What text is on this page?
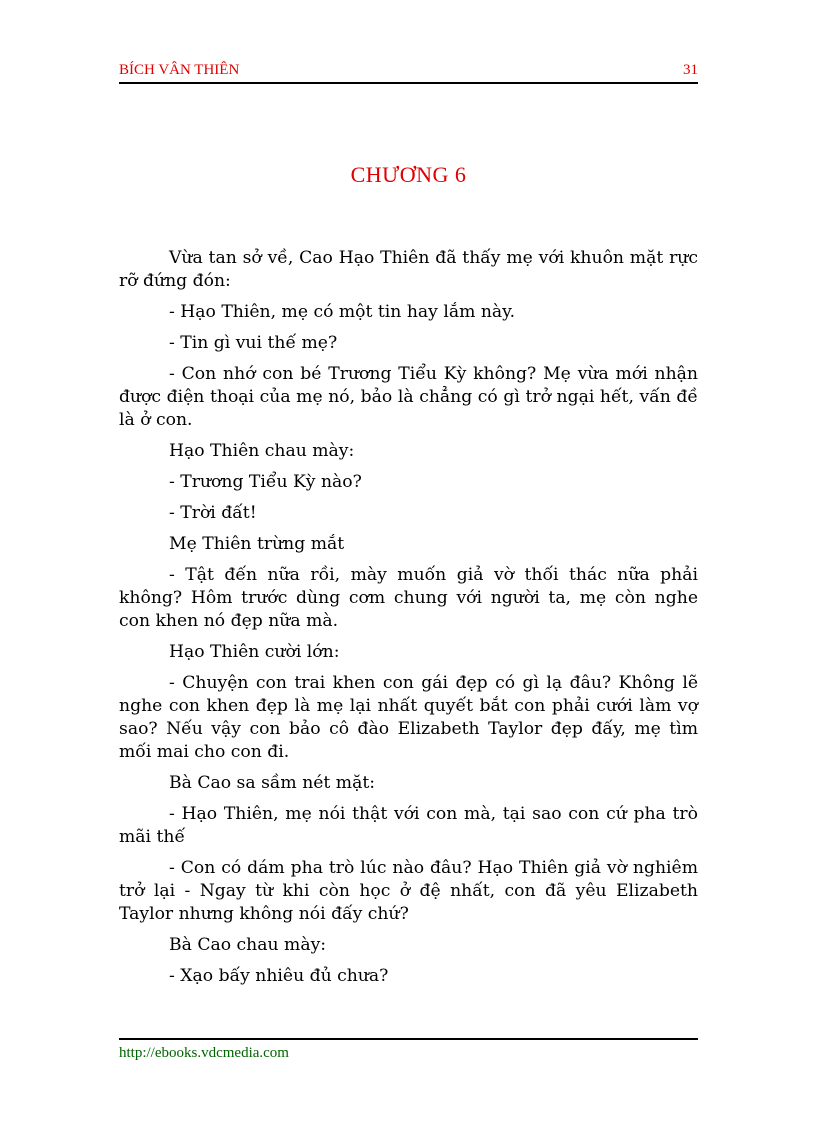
BÍCH VÂN THIÊN	31
CHƯƠNG 6

Vừa tan sở về, Cao Hạo Thiên đã thấy mẹ với khuôn mặt rực rỡ đứng đón:

- Hạo Thiên, mẹ có một tin hay lắm này.

- Tin gì vui thế mẹ?

- Con nhớ con bé Trương Tiểu Kỳ không? Mẹ vừa mới nhận được điện thoại của mẹ nó, bảo là chẳng có gì trở ngại hết, vấn đề là ở con.

Hạo Thiên chau mày:

- Trương Tiểu Kỳ nào?

- Trời đất!

Mẹ Thiên trừng mắt

- Tật đến nữa rồi, mày muốn giả vờ thối thác nữa phải không? Hôm trước dùng cơm chung với người ta, mẹ còn nghe con khen nó đẹp nữa mà.

Hạo Thiên cười lớn:

- Chuyện con trai khen con gái đẹp có gì lạ đâu? Không lẽ nghe con khen đẹp là mẹ lại nhất quyết bắt con phải cưới làm vợ sao? Nếu vậy con bảo cô đào Elizabeth Taylor đẹp đấy, mẹ tìm mối mai cho con đi.

Bà Cao sa sầm nét mặt:

- Hạo Thiên, mẹ nói thật với con mà, tại sao con cứ pha trò mãi thế

- Con có dám pha trò lúc nào đâu? Hạo Thiên giả vờ nghiêm trở lại - Ngay từ khi còn học ở đệ nhất, con đã yêu Elizabeth Taylor nhưng không nói đấy chứ?

Bà Cao chau mày:

- Xạo bấy nhiêu đủ chưa?

http://ebooks.vdcmedia.com
